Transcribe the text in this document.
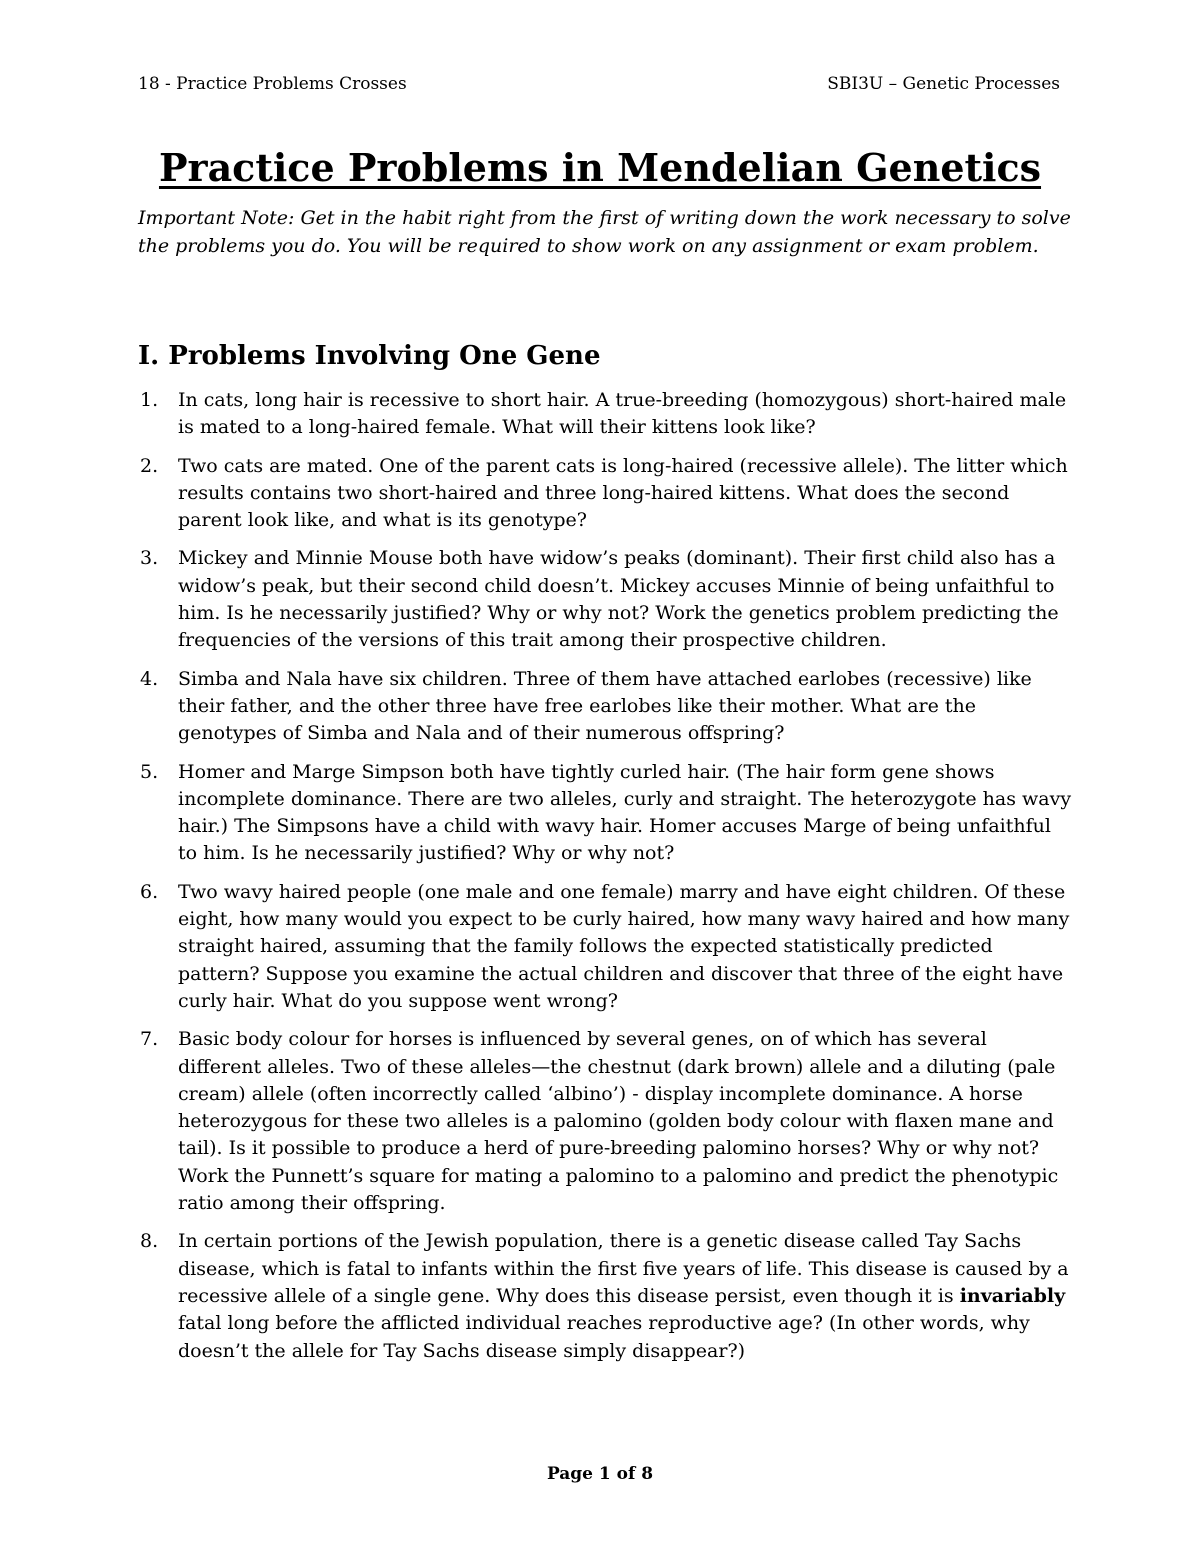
18 - Practice Problems Crosses	SBI3U – Genetic Processes
Practice Problems in Mendelian Genetics

Important Note: Get in the habit right from the first of writing down the work necessary to solve the problems you do. You will be required to show work on any assignment or exam problem.

I. Problems Involving One Gene
1. In cats, long hair is recessive to short hair. A true-breeding (homozygous) short-haired male is mated to a long-haired female. What will their kittens look like?
2. Two cats are mated. One of the parent cats is long-haired (recessive allele). The litter which results contains two short-haired and three long-haired kittens. What does the second parent look like, and what is its genotype?
3. Mickey and Minnie Mouse both have widow’s peaks (dominant). Their first child also has a widow’s peak, but their second child doesn’t. Mickey accuses Minnie of being unfaithful to him. Is he necessarily justified? Why or why not? Work the genetics problem predicting the frequencies of the versions of this trait among their prospective children.
4. Simba and Nala have six children. Three of them have attached earlobes (recessive) like their father, and the other three have free earlobes like their mother. What are the genotypes of Simba and Nala and of their numerous offspring?
5. Homer and Marge Simpson both have tightly curled hair. (The hair form gene shows incomplete dominance. There are two alleles, curly and straight. The heterozygote has wavy hair.) The Simpsons have a child with wavy hair. Homer accuses Marge of being unfaithful to him. Is he necessarily justified? Why or why not?
6. Two wavy haired people (one male and one female) marry and have eight children. Of these eight, how many would you expect to be curly haired, how many wavy haired and how many straight haired, assuming that the family follows the expected statistically predicted pattern? Suppose you examine the actual children and discover that three of the eight have curly hair. What do you suppose went wrong?
7. Basic body colour for horses is influenced by several genes, on of which has several different alleles. Two of these alleles—the chestnut (dark brown) allele and a diluting (pale cream) allele (often incorrectly called ‘albino’) - display incomplete dominance. A horse heterozygous for these two alleles is a palomino (golden body colour with flaxen mane and tail). Is it possible to produce a herd of pure-breeding palomino horses? Why or why not? Work the Punnett’s square for mating a palomino to a palomino and predict the phenotypic ratio among their offspring.
8. In certain portions of the Jewish population, there is a genetic disease called Tay Sachs disease, which is fatal to infants within the first five years of life. This disease is caused by a recessive allele of a single gene. Why does this disease persist, even though it is invariably fatal long before the afflicted individual reaches reproductive age? (In other words, why doesn’t the allele for Tay Sachs disease simply disappear?)
Page 1 of 8
